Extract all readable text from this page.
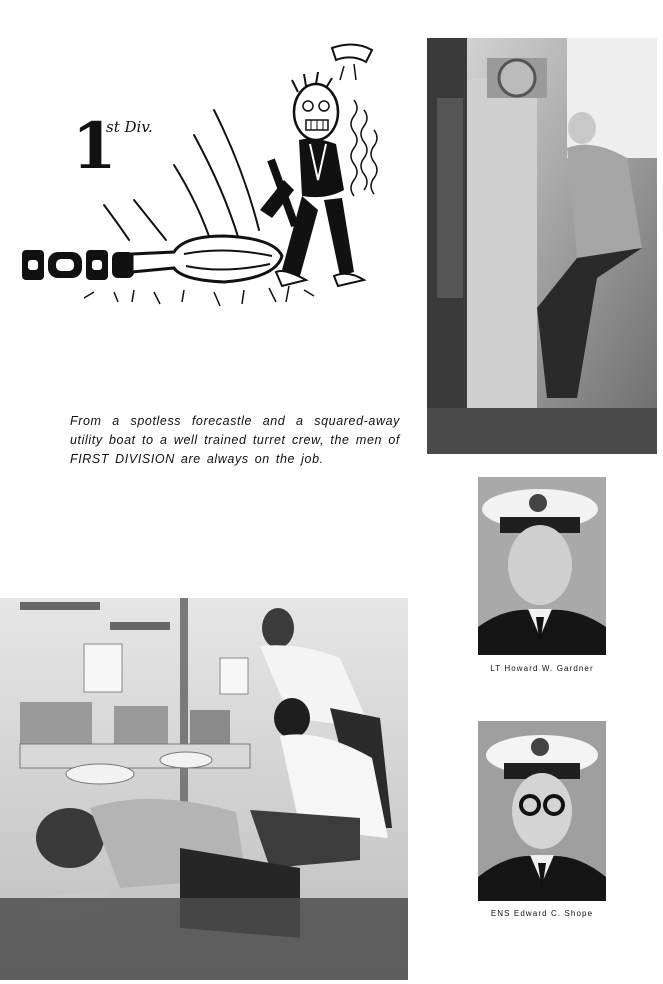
1
st Div.
From a spotless forecastle and a squared-away utility boat to a well trained turret crew, the men of FIRST DIVISION are always on the job.
LT Howard W. Gardner
ENS Edward C. Shope
